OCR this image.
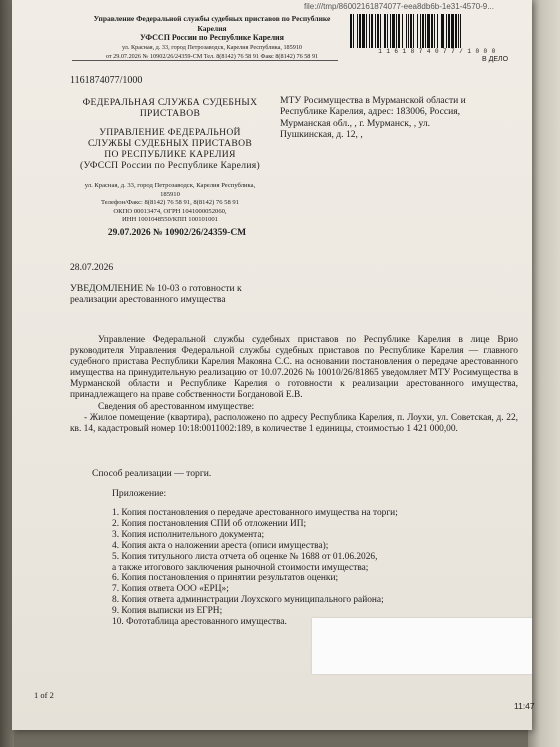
file:///tmp/86002161874077-eea8db6b-1e31-4570-9...
Управление Федеральной службы судебных приставов по Республике Карелия
УФССП России по Республике Карелия
ул. Красная, д. 33, город Петрозаводск, Карелия Республика, 185910
от 29.07.2026 № 10902/26/24359-СМ Тел. 8(8142) 76 58 91 Факс 8(8142) 76 58 91
1161874077/1000
В ДЕЛО
1161874077/1000
ФЕДЕРАЛЬНАЯ СЛУЖБА СУДЕБНЫХ
ПРИСТАВОВ
УПРАВЛЕНИЕ ФЕДЕРАЛЬНОЙ
СЛУЖБЫ СУДЕБНЫХ ПРИСТАВОВ
ПО РЕСПУБЛИКЕ КАРЕЛИЯ
(УФССП России по Республике Карелия)
ул. Красная, д. 33, город Петрозаводск, Карелия Республика,
185910
Телефон/Факс: 8(8142) 76 58 91, 8(8142) 76 58 91
ОКПО 00013474, ОГРН 1041000052060,
ИНН 1001048550/КПП 100101001
29.07.2026 № 10902/26/24359-СМ
МТУ Росимущества в Мурманской области и
Республике Карелия, адрес: 183006, Россия,
Мурманская обл., , г. Мурманск, , ул.
Пушкинская, д. 12, ,
28.07.2026
УВЕДОМЛЕНИЕ № 10-03 о готовности к
реализации арестованного имущества

Управление Федеральной службы судебных приставов по Республике Карелия в лице Врио руководителя Управления Федеральной службы судебных приставов по Республике Карелия — главного судебного пристава Республики Карелия Макояна С.С. на основании постановления о передаче арестованного имущества на принудительную реализацию от 10.07.2026 № 10010/26/81865 уведомляет МТУ Росимущества в Мурманской области и Республике Карелия о готовности к реализации арестованного имущества, принадлежащего на праве собственности Богдановой Е.В.

Сведения об арестованном имуществе:

- Жилое помещение (квартира), расположено по адресу Республика Карелия, п. Лоухи, ул. Советская, д. 22, кв. 14, кадастровый номер 10:18:0011002:189, в количестве 1 единицы, стоимостью 1 421 000,00.

Способ реализации — торги.
Приложение:
1. Копия постановления о передаче арестованного имущества на торги;
2. Копия постановления СПИ об отложении ИП;
3. Копия исполнительного документа;
4. Копия акта о наложении ареста (описи имущества);
5. Копия титульного листа отчета об оценке № 1688 от 01.06.2026,
а также итогового заключения рыночной стоимости имущества;
6. Копия постановления о принятии результатов оценки;
7. Копия ответа ООО «ЕРЦ»;
8. Копия ответа администрации Лоухского муниципального района;
9. Копия выписки из ЕГРН;
10. Фототаблица арестованного имущества.
1 of 2
11:47
